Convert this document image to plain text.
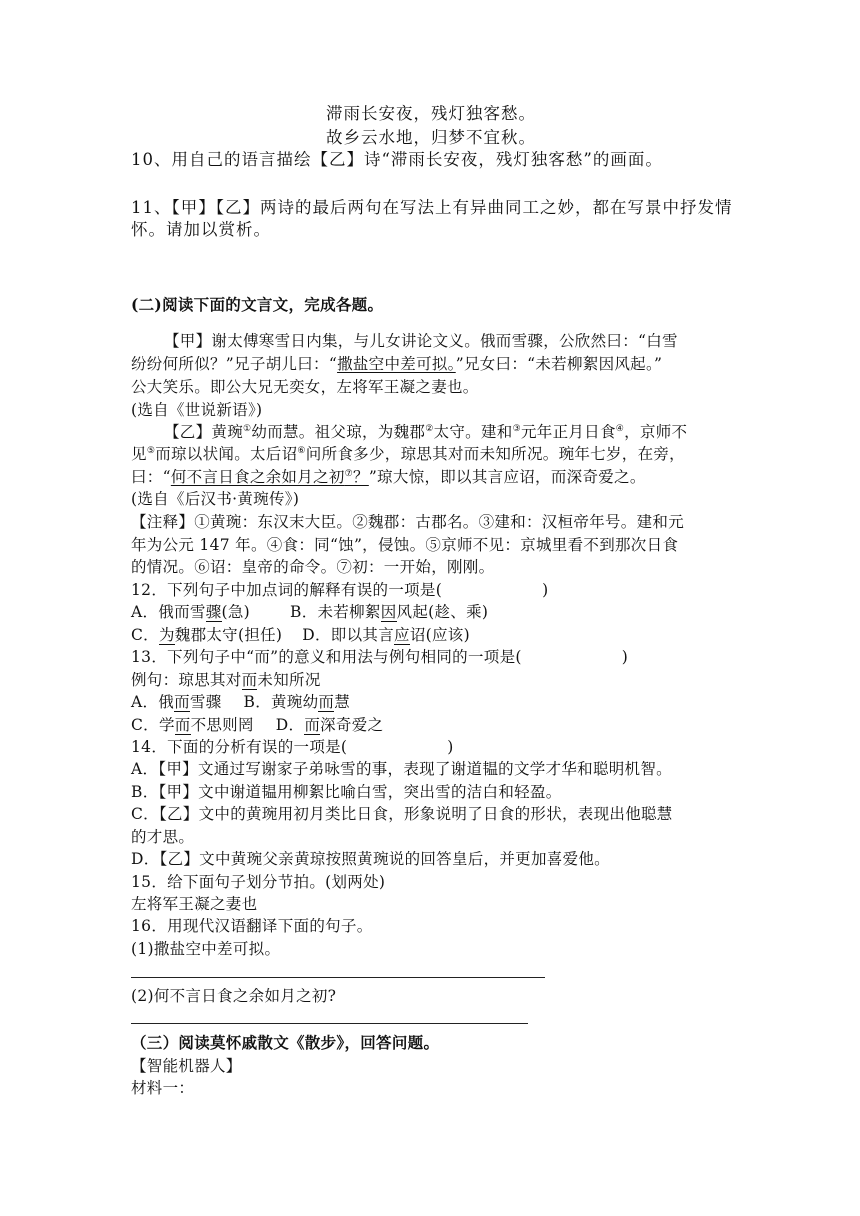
滞雨长安夜，残灯独客愁。
故乡云水地，归梦不宜秋。
10、用自己的语言描绘【乙】诗“滞雨长安夜，残灯独客愁”的画面。
11、【甲】【乙】两诗的最后两句在写法上有异曲同工之妙，都在写景中抒发情
怀。请加以赏析。
(二)阅读下面的文言文，完成各题。
【甲】谢太傅寒雪日内集，与儿女讲论文义。俄而雪骤，公欣然曰：“白雪
纷纷何所似？”兄子胡儿曰：“撒盐空中差可拟。”兄女曰：“未若柳絮因风起。”
公大笑乐。即公大兄无奕女，左将军王凝之妻也。
(选自《世说新语》)
【乙】黄琬①幼而慧。祖父琼，为魏郡②太守。建和③元年正月日食④，京师不
见⑤而琼以状闻。太后诏⑥问所食多少，琼思其对而未知所况。琬年七岁，在旁，
曰：“何不言日食之余如月之初⑦？”琼大惊，即以其言应诏，而深奇爱之。
(选自《后汉书·黄琬传》)
【注释】①黄琬：东汉末大臣。②魏郡：古郡名。③建和：汉桓帝年号。建和元
年为公元 147 年。④食：同“蚀”，侵蚀。⑤京师不见：京城里看不到那次日食
的情况。⑥诏：皇帝的命令。⑦初：一开始，刚刚。
12．下列句子中加点词的解释有误的一项是(	)
A．俄而雪骤(急)	B．未若柳絮因风起(趁、乘)
C．为魏郡太守(担任) D．即以其言应诏(应该)
13．下列句子中“而”的意义和用法与例句相同的一项是(	)
例句：琼思其对而未知所况
A．俄而雪骤 B．黄琬幼而慧
C．学而不思则罔 D．而深奇爱之
14．下面的分析有误的一项是(	)
A．【甲】文通过写谢家子弟咏雪的事，表现了谢道韫的文学才华和聪明机智。
B．【甲】文中谢道韫用柳絮比喻白雪，突出雪的洁白和轻盈。
C．【乙】文中的黄琬用初月类比日食，形象说明了日食的形状，表现出他聪慧
的才思。
D．【乙】文中黄琬父亲黄琼按照黄琬说的回答皇后，并更加喜爱他。
15．给下面句子划分节拍。(划两处)
左将军王凝之妻也
16．用现代汉语翻译下面的句子。
(1)撒盐空中差可拟。
(2)何不言日食之余如月之初?
（三）阅读莫怀戚散文《散步》，回答问题。
【智能机器人】
材料一：
